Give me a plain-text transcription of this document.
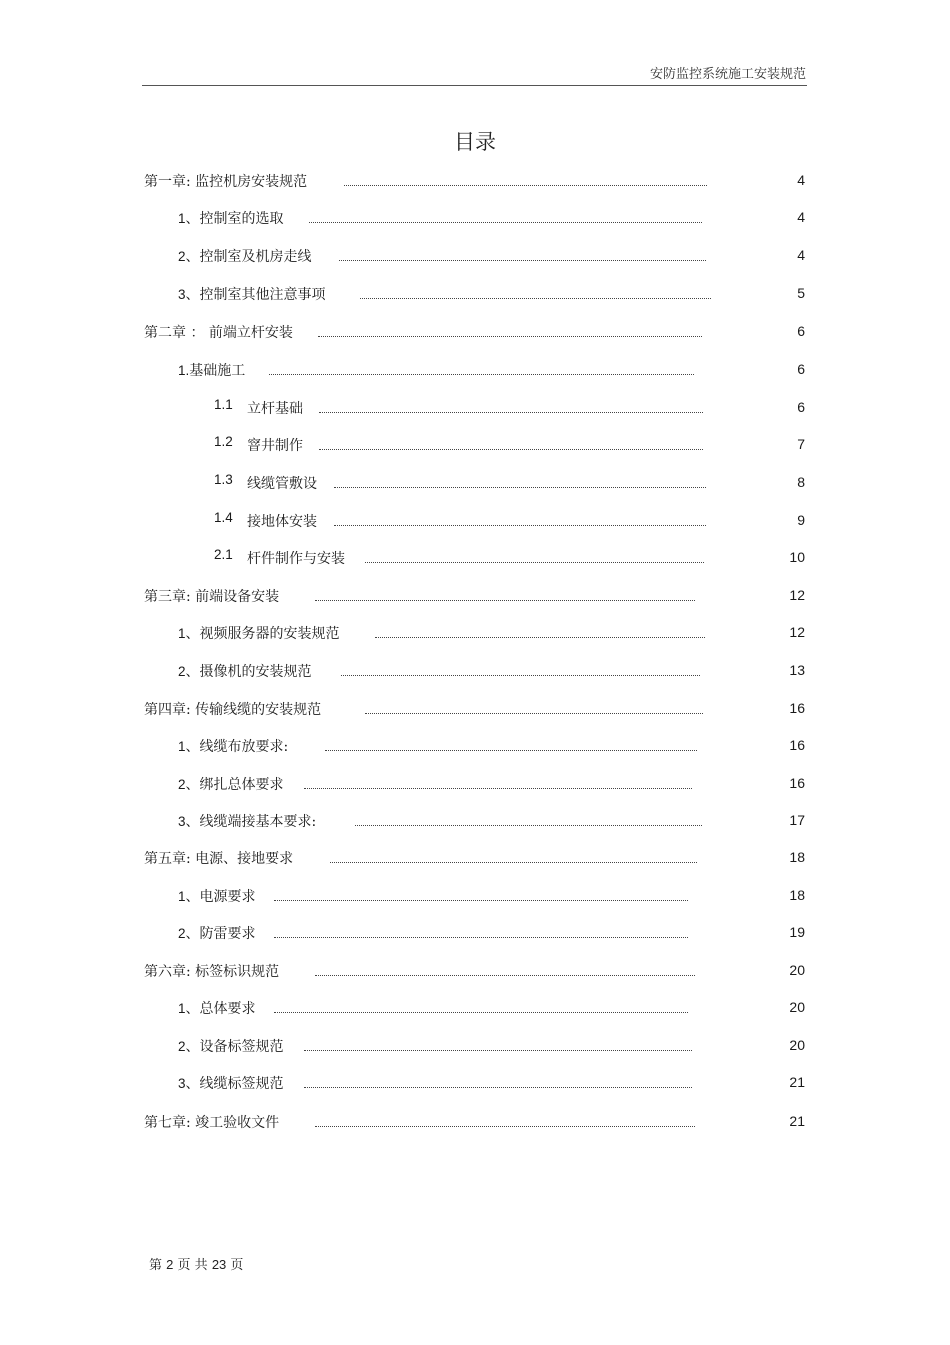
安防监控系统施工安装规范
目录
第一章: 监控机房安装规范	4
1 、控制室的选取	4
2 、控制室及机房走线	4
3 、控制室其他注意事项	5
第二章 ： 前端立杆安装	6
1. 基础施工	6
1.1	立杆基础	6
1.2	窨井制作	7
1.3	线缆管敷设	8
1.4	接地体安装	9
2.1	杆件制作与安装	10
第三章: 前端设备安装	12
1 、视频服务器的安装规范	12
2 、摄像机的安装规范	13
第四章: 传输线缆的安装规范	16
1 、线缆布放要求:	16
2 、绑扎总体要求	16
3 、线缆端接基本要求:	17
第五章: 电源、接地要求	18
1 、电源要求	18
2 、防雷要求	19
第六章: 标签标识规范	20
1 、总体要求	20
2 、设备标签规范	20
3 、线缆标签规范	21
第七章: 竣工验收文件	21
第 2 页 共 23 页
